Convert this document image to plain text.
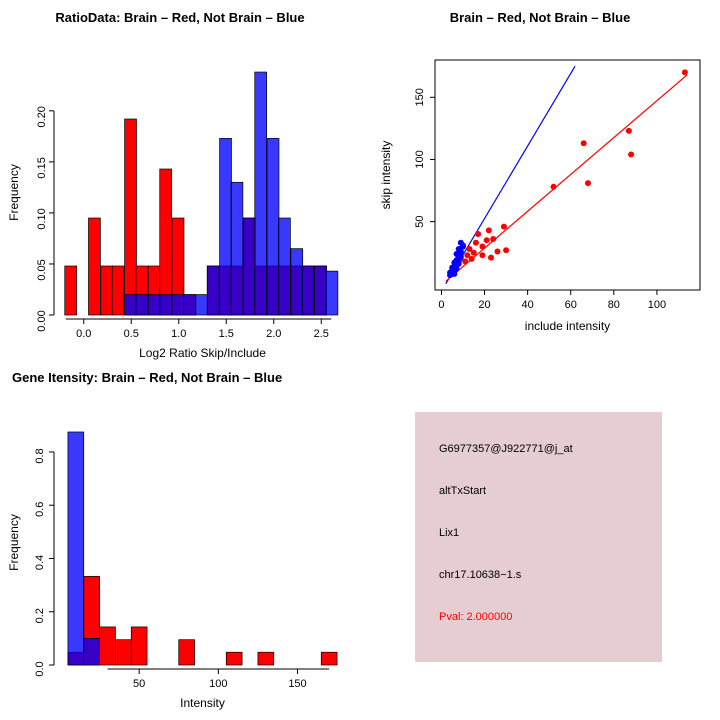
RatioData: Brain – Red, Not Brain – Blue
0.0	0.5	1.0	1.5	2.0	2.5
0.00
0.05
0.10
0.15
0.20
Log2 Ratio Skip/Include
Frequency
Brain – Red, Not Brain – Blue
0	20	40	60	80	100
50
100
150
include intensity
skip intensity
Gene Itensity: Brain – Red, Not Brain – Blue
50	100	150
0.0
0.2
0.4
0.6
0.8
Intensity
Frequency
G6977357@J922771@j_at
altTxStart
Lix1
chr17.10638−1.s
Pval: 2.000000
